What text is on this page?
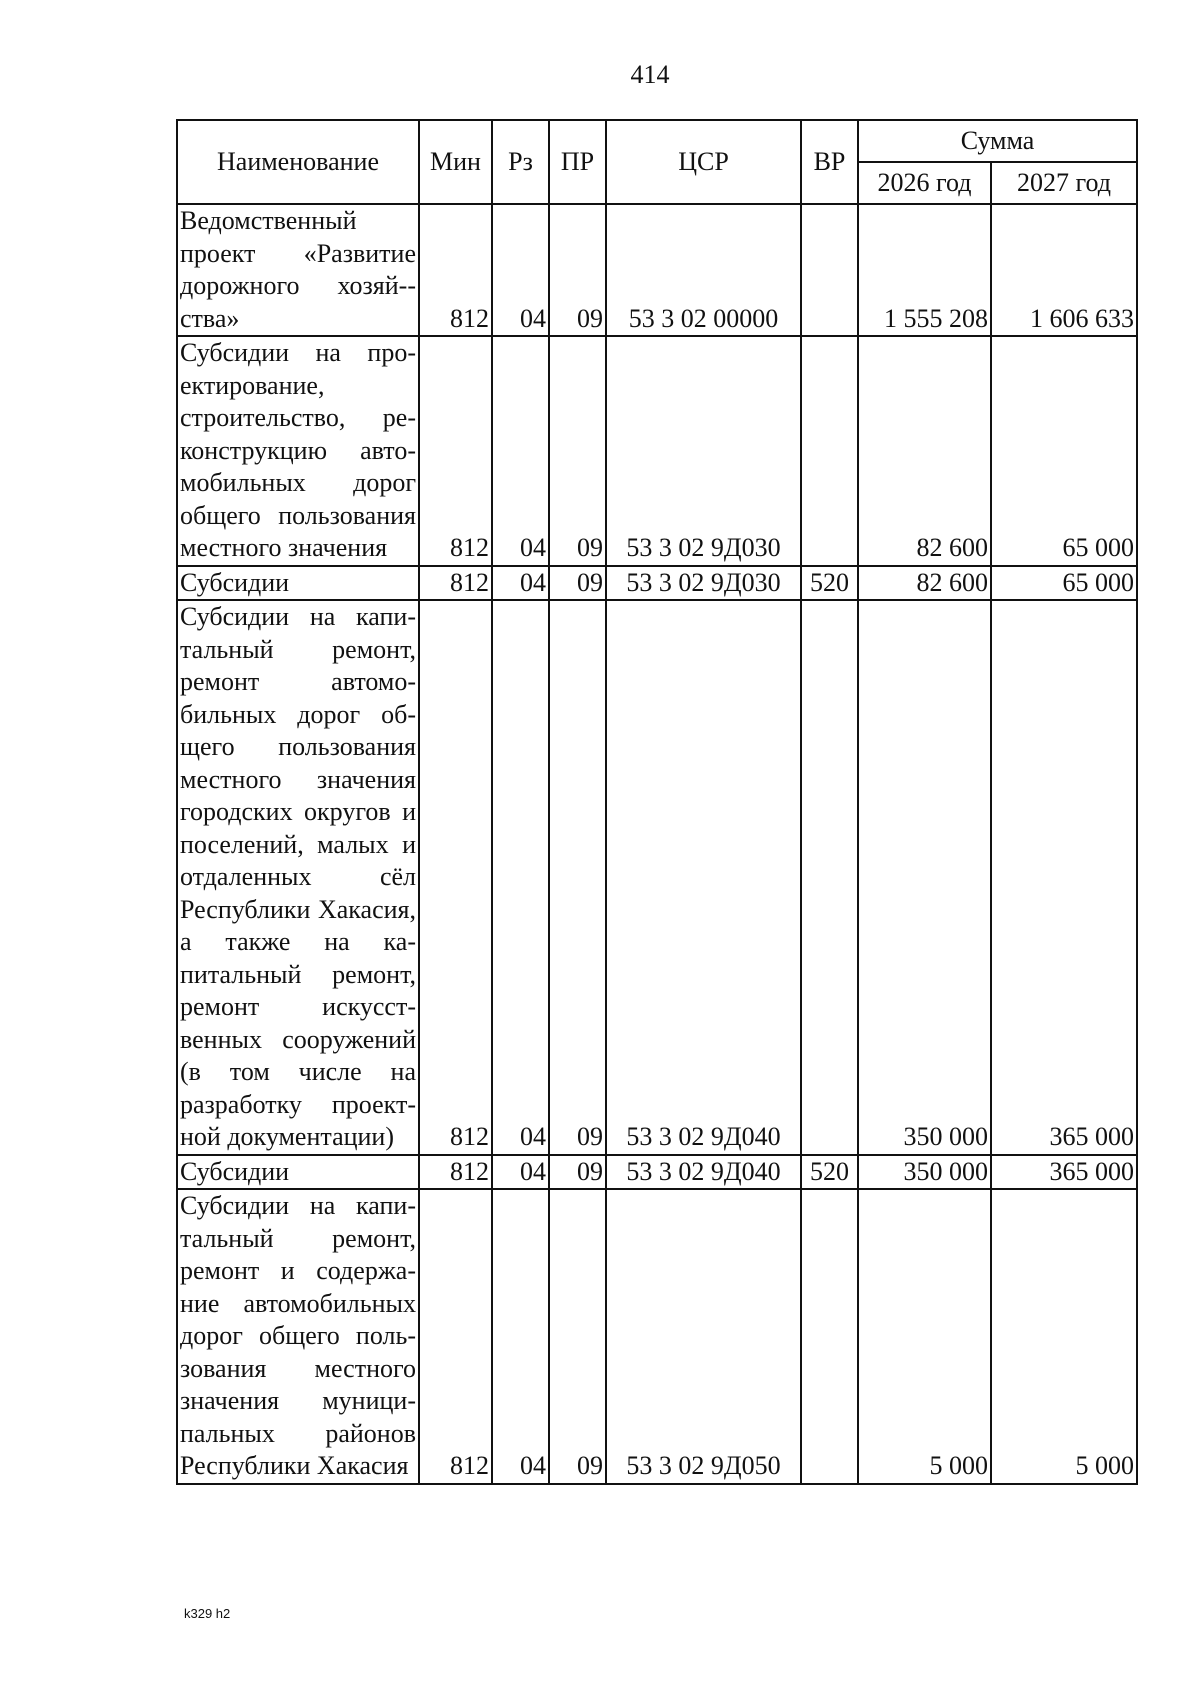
414
Наименование	Мин	Рз	ПР	ЦСР	ВР	Сумма	
						2026 год	2027 год
Ведомственный проект «Развитие дорожного хозяй-ства»	812	04	09	53 3 02 00000		1 555 208	1 606 633
Субсидии на проектирование, строительство, реконструкцию автомобильных дорог общего пользования местного значения	812	04	09	53 3 02 9Д030		82 600	65 000
Субсидии	812	04	09	53 3 02 9Д030	520	82 600	65 000
Субсидии на капитальный ремонт, ремонт автомобильных дорог общего пользования местного значения городских округов и поселений, малых и отдаленных сёл Республики Хакасия, а также на капитальный ремонт, ремонт искусственных сооружений (в том числе на разработку проектной документации)	812	04	09	53 3 02 9Д040		350 000	365 000
Субсидии	812	04	09	53 3 02 9Д040	520	350 000	365 000
Субсидии на капитальный ремонт, ремонт и содержание автомобильных дорог общего пользования местного значения муниципальных районов Республики Хакасия	812	04	09	53 3 02 9Д050		5 000	5 000
k329 h2
